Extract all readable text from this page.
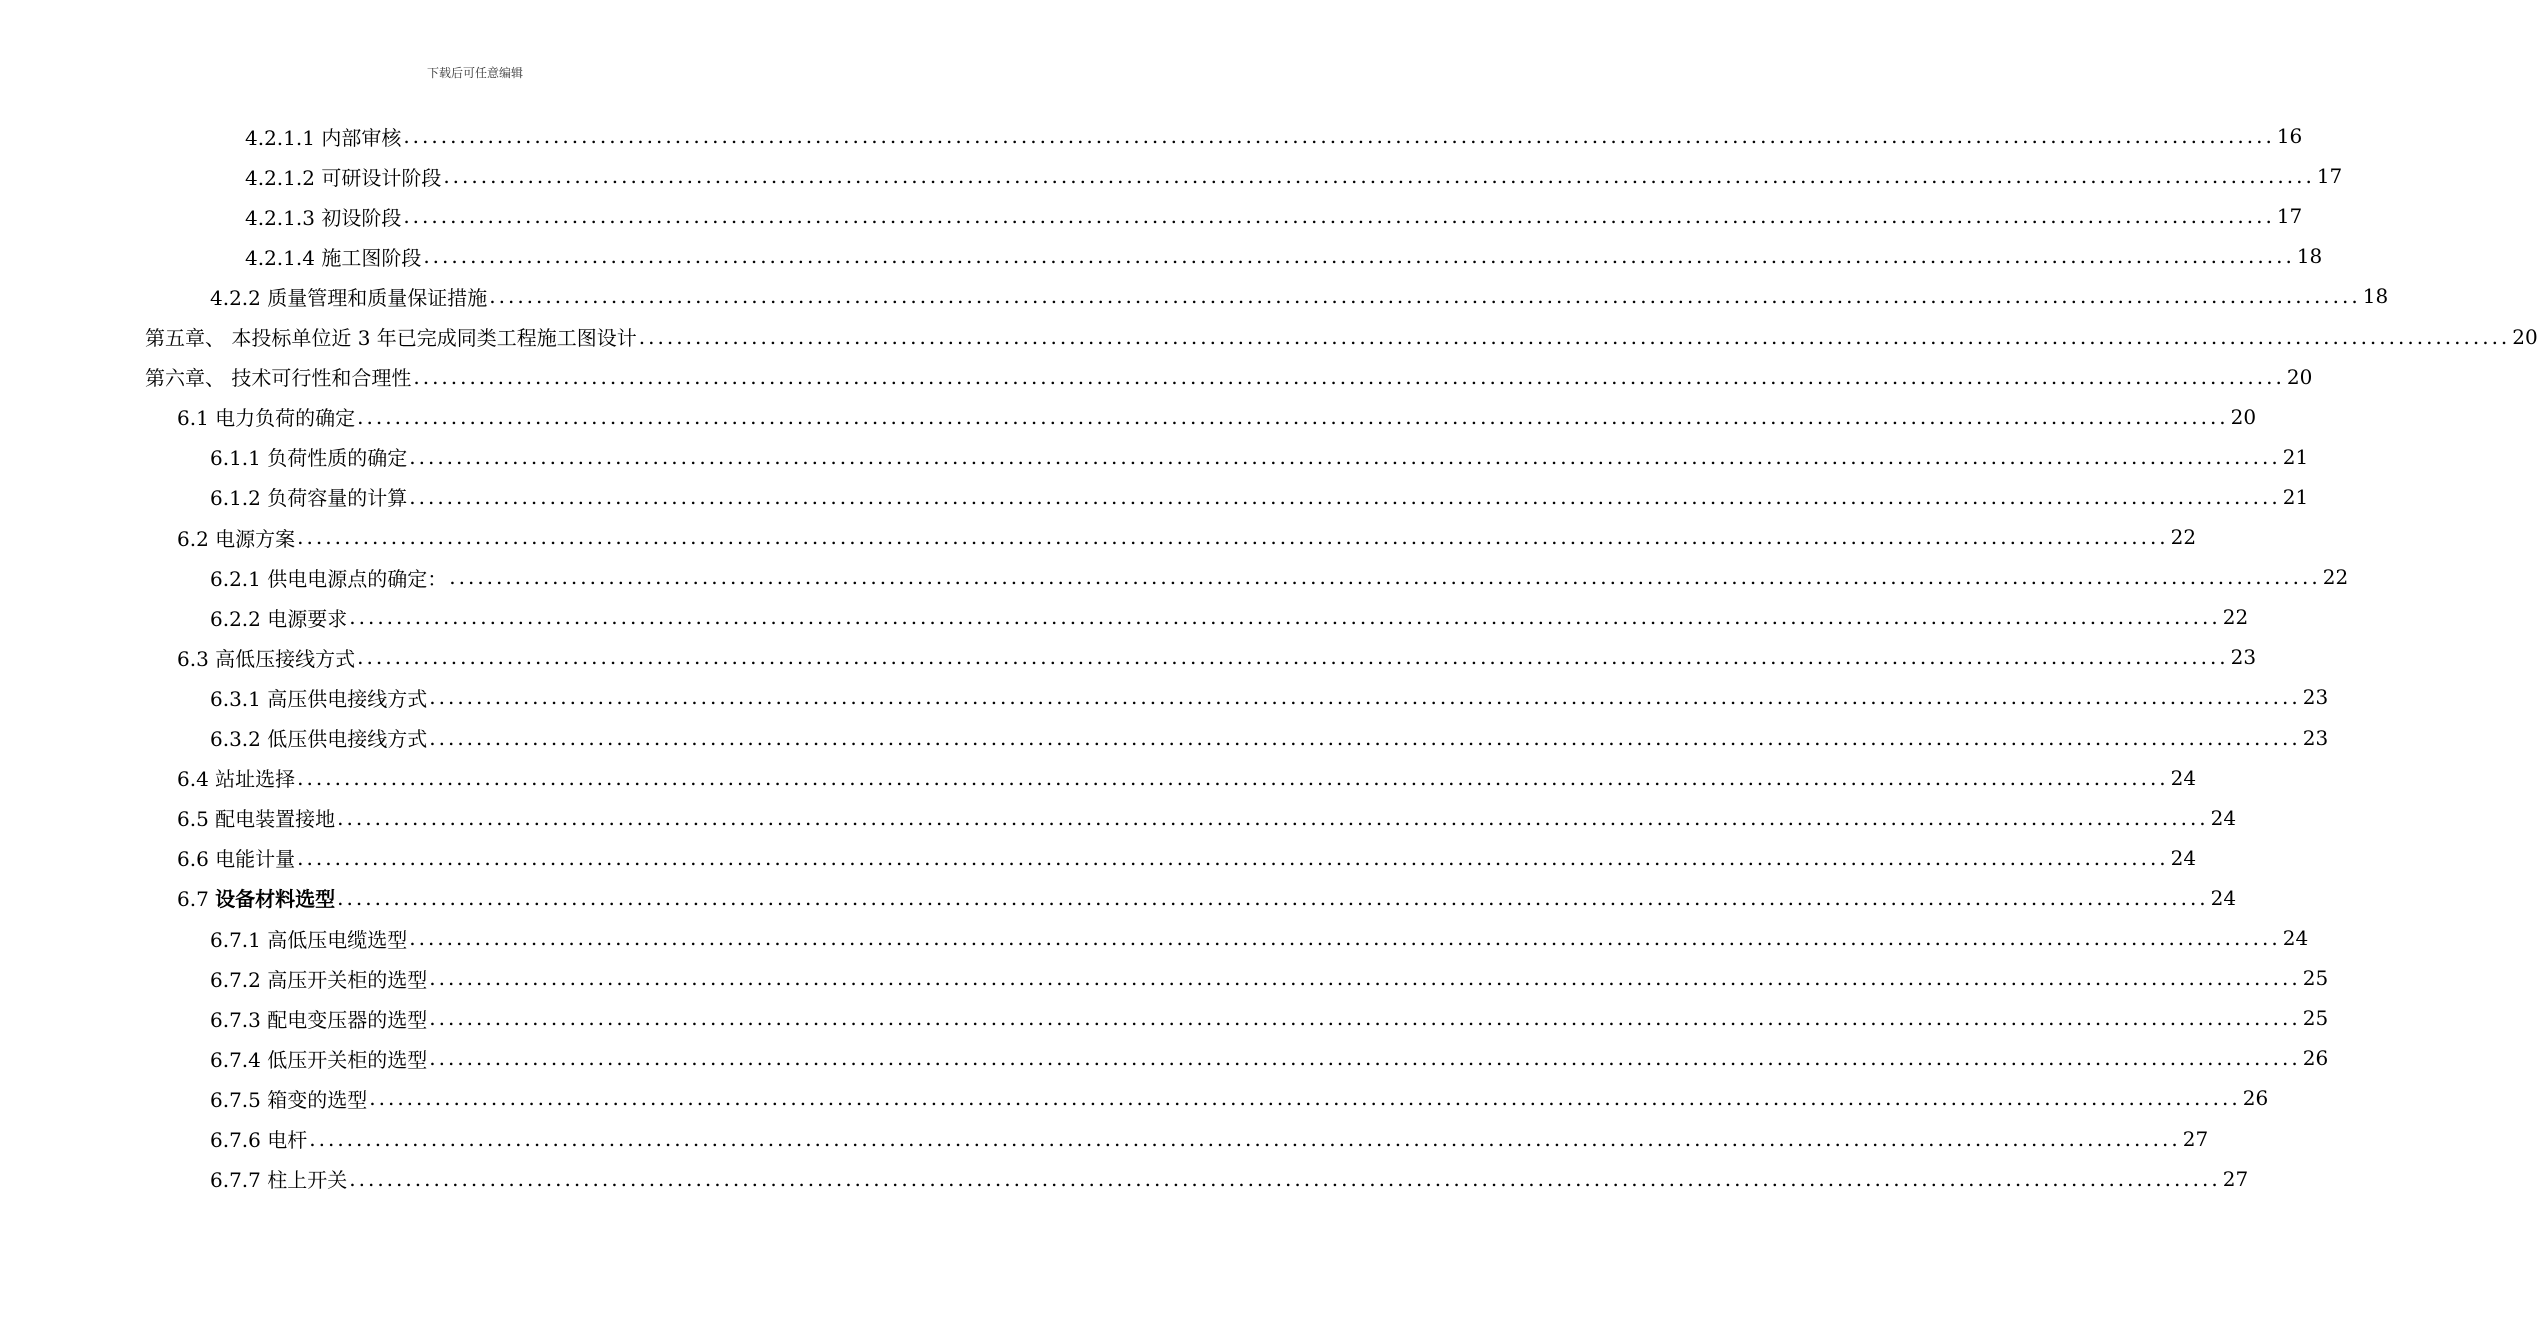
下载后可任意编辑
4.2.1.1 内部审核 ........................................................................................................................................................................................................ 16
4.2.1.2 可研设计阶段 ........................................................................................................................................................................................................ 17
4.2.1.3 初设阶段 ........................................................................................................................................................................................................ 17
4.2.1.4 施工图阶段 ........................................................................................................................................................................................................ 18
4.2.2 质量管理和质量保证措施 ........................................................................................................................................................................................................ 18
第五章、 本投标单位近 3 年已完成同类工程施工图设计 ........................................................................................................................................................................................................ 20
第六章、 技术可行性和合理性 ........................................................................................................................................................................................................ 20
6.1 电力负荷的确定 ........................................................................................................................................................................................................ 20
6.1.1 负荷性质的确定 ........................................................................................................................................................................................................ 21
6.1.2 负荷容量的计算 ........................................................................................................................................................................................................ 21
6.2 电源方案 ........................................................................................................................................................................................................ 22
6.2.1 供电电源点的确定： ........................................................................................................................................................................................................ 22
6.2.2 电源要求 ........................................................................................................................................................................................................ 22
6.3 高低压接线方式 ........................................................................................................................................................................................................ 23
6.3.1 高压供电接线方式 ........................................................................................................................................................................................................ 23
6.3.2 低压供电接线方式 ........................................................................................................................................................................................................ 23
6.4 站址选择 ........................................................................................................................................................................................................ 24
6.5 配电装置接地 ........................................................................................................................................................................................................ 24
6.6 电能计量 ........................................................................................................................................................................................................ 24
6.7 设备材料选型 ........................................................................................................................................................................................................ 24
6.7.1 高低压电缆选型 ........................................................................................................................................................................................................ 24
6.7.2 高压开关柜的选型 ........................................................................................................................................................................................................ 25
6.7.3 配电变压器的选型 ........................................................................................................................................................................................................ 25
6.7.4 低压开关柜的选型 ........................................................................................................................................................................................................ 26
6.7.5 箱变的选型 ........................................................................................................................................................................................................ 26
6.7.6 电杆 ........................................................................................................................................................................................................ 27
6.7.7 柱上开关 ........................................................................................................................................................................................................ 27
